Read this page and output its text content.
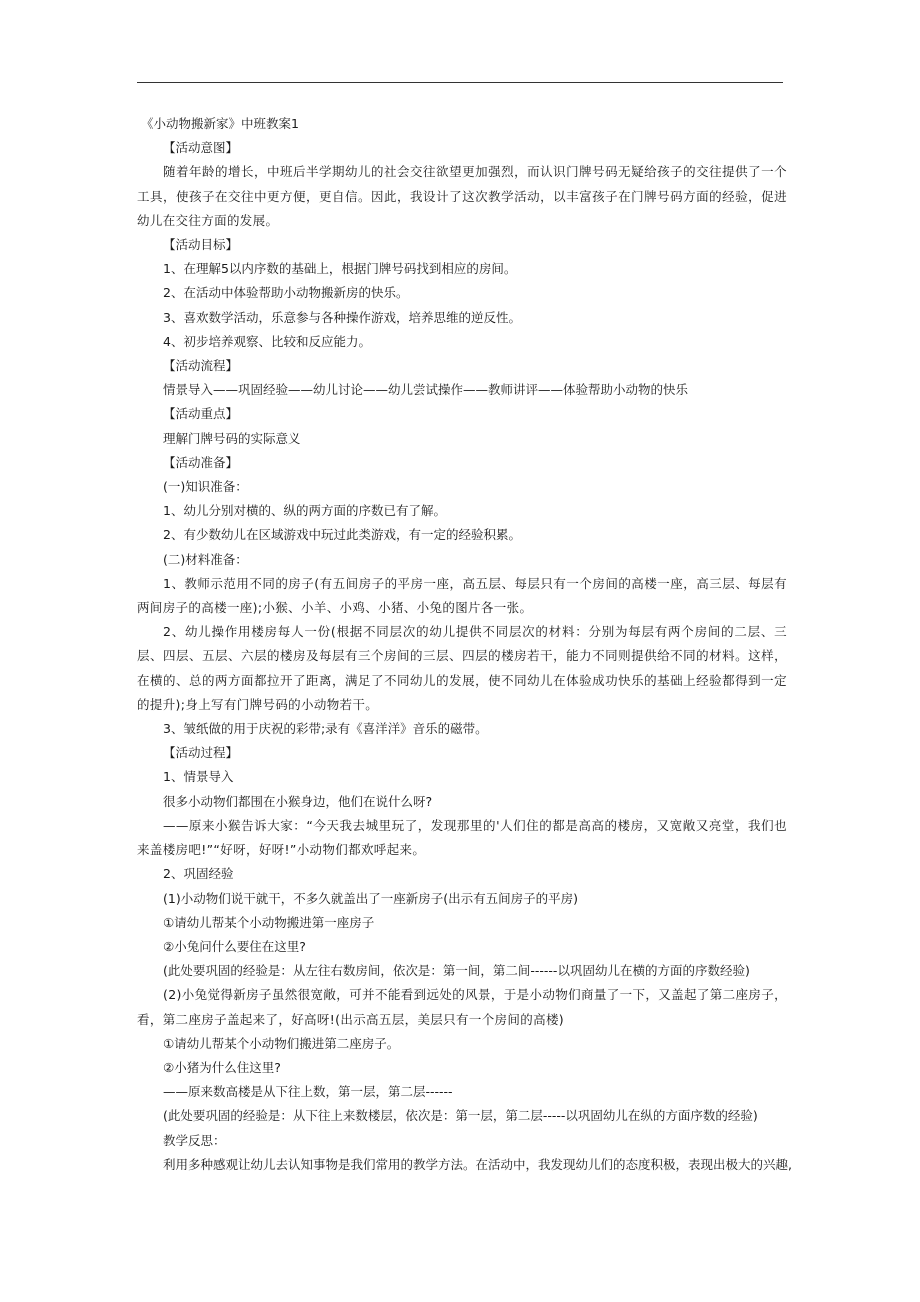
《小动物搬新家》中班教案1
【活动意图】
随着年龄的增长，中班后半学期幼儿的社会交往欲望更加强烈，而认识门牌号码无疑给孩子的交往提供了一个工具，使孩子在交往中更方便，更自信。因此，我设计了这次教学活动，以丰富孩子在门牌号码方面的经验，促进幼儿在交往方面的发展。
【活动目标】
1、在理解5以内序数的基础上，根据门牌号码找到相应的房间。
2、在活动中体验帮助小动物搬新房的快乐。
3、喜欢数学活动，乐意参与各种操作游戏，培养思维的逆反性。
4、初步培养观察、比较和反应能力。
【活动流程】
情景导入——巩固经验——幼儿讨论——幼儿尝试操作——教师讲评——体验帮助小动物的快乐
【活动重点】
理解门牌号码的实际意义
【活动准备】
(一)知识准备：
1、幼儿分别对横的、纵的两方面的序数已有了解。
2、有少数幼儿在区域游戏中玩过此类游戏，有一定的经验积累。
(二)材料准备：
1、教师示范用不同的房子(有五间房子的平房一座，高五层、每层只有一个房间的高楼一座，高三层、每层有两间房子的高楼一座);小猴、小羊、小鸡、小猪、小兔的图片各一张。
2、幼儿操作用楼房每人一份(根据不同层次的幼儿提供不同层次的材料：分别为每层有两个房间的二层、三层、四层、五层、六层的楼房及每层有三个房间的三层、四层的楼房若干，能力不同则提供给不同的材料。这样，在横的、总的两方面都拉开了距离，满足了不同幼儿的发展，使不同幼儿在体验成功快乐的基础上经验都得到一定的提升);身上写有门牌号码的小动物若干。
3、皱纸做的用于庆祝的彩带;录有《喜洋洋》音乐的磁带。
【活动过程】
1、情景导入
很多小动物们都围在小猴身边，他们在说什么呀?
——原来小猴告诉大家：“今天我去城里玩了，发现那里的'人们住的都是高高的楼房，又宽敞又亮堂，我们也来盖楼房吧!”“好呀，好呀!”小动物们都欢呼起来。
2、巩固经验
(1)小动物们说干就干，不多久就盖出了一座新房子(出示有五间房子的平房)
①请幼儿帮某个小动物搬进第一座房子
②小兔问什么要住在这里?
(此处要巩固的经验是：从左往右数房间，依次是：第一间，第二间------以巩固幼儿在横的方面的序数经验)
(2)小兔觉得新房子虽然很宽敞，可并不能看到远处的风景，于是小动物们商量了一下，又盖起了第二座房子，看，第二座房子盖起来了，好高呀!(出示高五层，美层只有一个房间的高楼)
①请幼儿帮某个小动物们搬进第二座房子。
②小猪为什么住这里?
——原来数高楼是从下往上数，第一层，第二层------
(此处要巩固的经验是：从下往上来数楼层，依次是：第一层，第二层-----以巩固幼儿在纵的方面序数的经验)
教学反思：
利用多种感观让幼儿去认知事物是我们常用的教学方法。在活动中，我发现幼儿们的态度积极，表现出极大的兴趣,
